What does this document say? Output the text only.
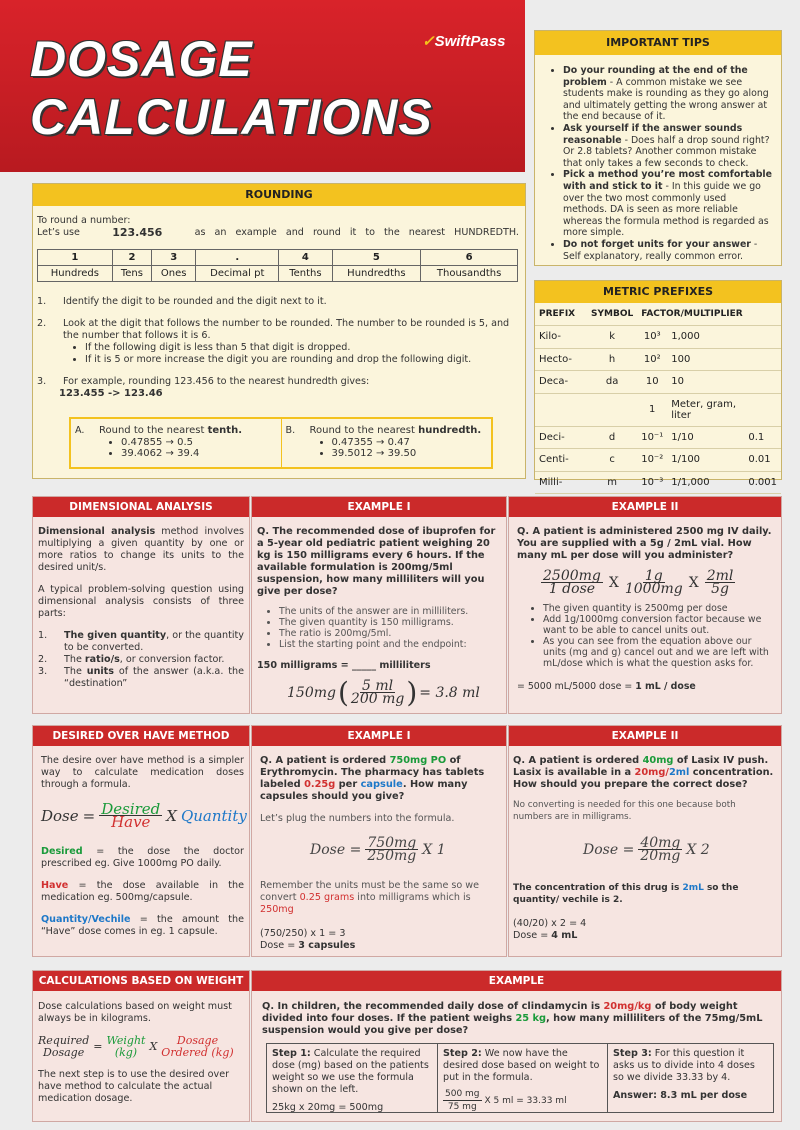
DOSAGE
CALCULATIONS
✓SwiftPass	IMPORTANT TIPS
• Do your rounding at the end of the problem - A common mistake we see students make is rounding as they go along and ultimately getting the wrong answer at the end because of it.
• Ask yourself if the answer sounds reasonable - Does half a drop sound right? Or 2.8 tablets? Another common mistake that only takes a few seconds to check.
• Pick a method you’re most comfortable with and stick to it - In this guide we go over the two most commonly used methods. DA is seen as more reliable whereas the formula method is regarded as more simple.
• Do not forget units for your answer - Self explanatory, really common error.
ROUNDING
To round a number:
Let’s use	123.456	as an example and round it to the nearest HUNDREDTH.
1	2	3	.	4	5	6
Hundreds	Tens	Ones	Decimal pt	Tenths	Hundredths	Thousandths
1.	Identify the digit to be rounded and the digit next to it.
2.	Look at the digit that follows the number to be rounded. The number to be rounded is 5, and the number that follows it is 6.
• If the following digit is less than 5 that digit is dropped.
• If it is 5 or more increase the digit you are rounding and drop the following digit.
3.	For example, rounding 123.456 to the nearest hundredth gives:
123.455 -> 123.46
A.	Round to the nearest tenth.
• 0.47855 → 0.5
• 39.4062 → 39.4
B.	Round to the nearest hundredth.
• 0.47355 → 0.47
• 39.5012 → 39.50
METRIC PREFIXES
PREFIX	SYMBOL	FACTOR/MULTIPLIER		
Kilo-	k	10³	1,000	
Hecto-	h	10²	100	
Deca-	da	10	10	
		1	Meter, gram, liter	
Deci-	d	10⁻¹	1/10	0.1
Centi-	c	10⁻²	1/100	0.01
Milli-	m	10⁻³	1/1,000	0.001
DIMENSIONAL ANALYSIS
Dimensional analysis method involves multiplying a given quantity by one or more ratios to change its units to the desired unit/s.
A typical problem-solving question using dimensional analysis consists of three parts:
1.	The given quantity, or the quantity to be converted.
2.	The ratio/s, or conversion factor.
3.	The units of the answer (a.k.a. the “destination”
EXAMPLE I
Q. The recommended dose of ibuprofen for a 5-year old pediatric patient weighing 20 kg is 150 milligrams every 6 hours. If the available formulation is 200mg/5ml suspension, how many milliliters will you give per dose?
• The units of the answer are in milliliters.
• The given quantity is 150 milligrams.
• The ratio is 200mg/5ml.
• List the starting point and the endpoint:
150 milligrams = _____ milliliters
150mg ( $\frac{5 ml}{200 mg}$ ) = 3.8 ml
EXAMPLE II
Q. A patient is administered 2500 mg IV daily. You are supplied with a 5g / 2mL vial. How many mL per dose will you administer?
$\frac{2500mg}{\text{1 dose}}$ X $\frac{1g}{1000mg}$ X $\frac{2ml}{5g}$
• The given quantity is 2500mg per dose
• Add 1g/1000mg conversion factor because we want to be able to cancel units out.
• As you can see from the equation above our units (mg and g) cancel out and we are left with mL/dose which is what the question asks for.
= 5000 mL/5000 dose = 1 mL / dose
DESIRED OVER HAVE METHOD
The desire over have method is a simpler way to calculate medication doses through a formula.
Dose = $\frac{\text{Desired}}{\text{Have}}$ X Quantity
Desired = the dose the doctor prescribed eg. Give 1000mg PO daily.
Have = the dose available in the medication eg. 500mg/capsule.
Quantity/Vechile = the amount the “Have” dose comes in eg. 1 capsule.
EXAMPLE I
Q. A patient is ordered 750mg PO of Erythromycin. The pharmacy has tablets labeled 0.25g per capsule. How many capsules should you give?
Let’s plug the numbers into the formula.
Dose = $\frac{750mg}{250mg}$ X 1
Remember the units must be the same so we convert 0.25 grams into milligrams which is 250mg
(750/250) x 1 = 3
Dose = 3 capsules
EXAMPLE II
Q. A patient is ordered 40mg of Lasix IV push. Lasix is available in a 20mg/2ml concentration. How should you prepare the correct dose?
No converting is needed for this one because both numbers are in milligrams.
Dose = $\frac{40mg}{20mg}$ X 2
The concentration of this drug is 2mL so the quantity/ vechile is 2.
(40/20) x 2 = 4
Dose = 4 mL
CALCULATIONS BASED ON WEIGHT
Dose calculations based on weight must always be in kilograms.
Required
Dosage = Weight
(kg)	X	Dosage
Ordered (kg)
The next step is to use the desired over have method to calculate the actual medication dosage.
EXAMPLE
Q. In children, the recommended daily dose of clindamycin is 20mg/kg of body weight divided into four doses. If the patient weighs 25 kg, how many milliliters of the 75mg/5mL suspension would you give per dose?
Step 1: Calculate the required dose (mg) based on the patients weight so we use the formula shown on the left.
25kg x 20mg = 500mg
Step 2: We now have the desired dose based on weight to put in the formula.
$\frac{500 mg}{75 mg}$ X 5 ml = 33.33 ml
Step 3: For this question it asks us to divide into 4 doses so we divide 33.33 by 4.
Answer: 8.3 mL per dose
